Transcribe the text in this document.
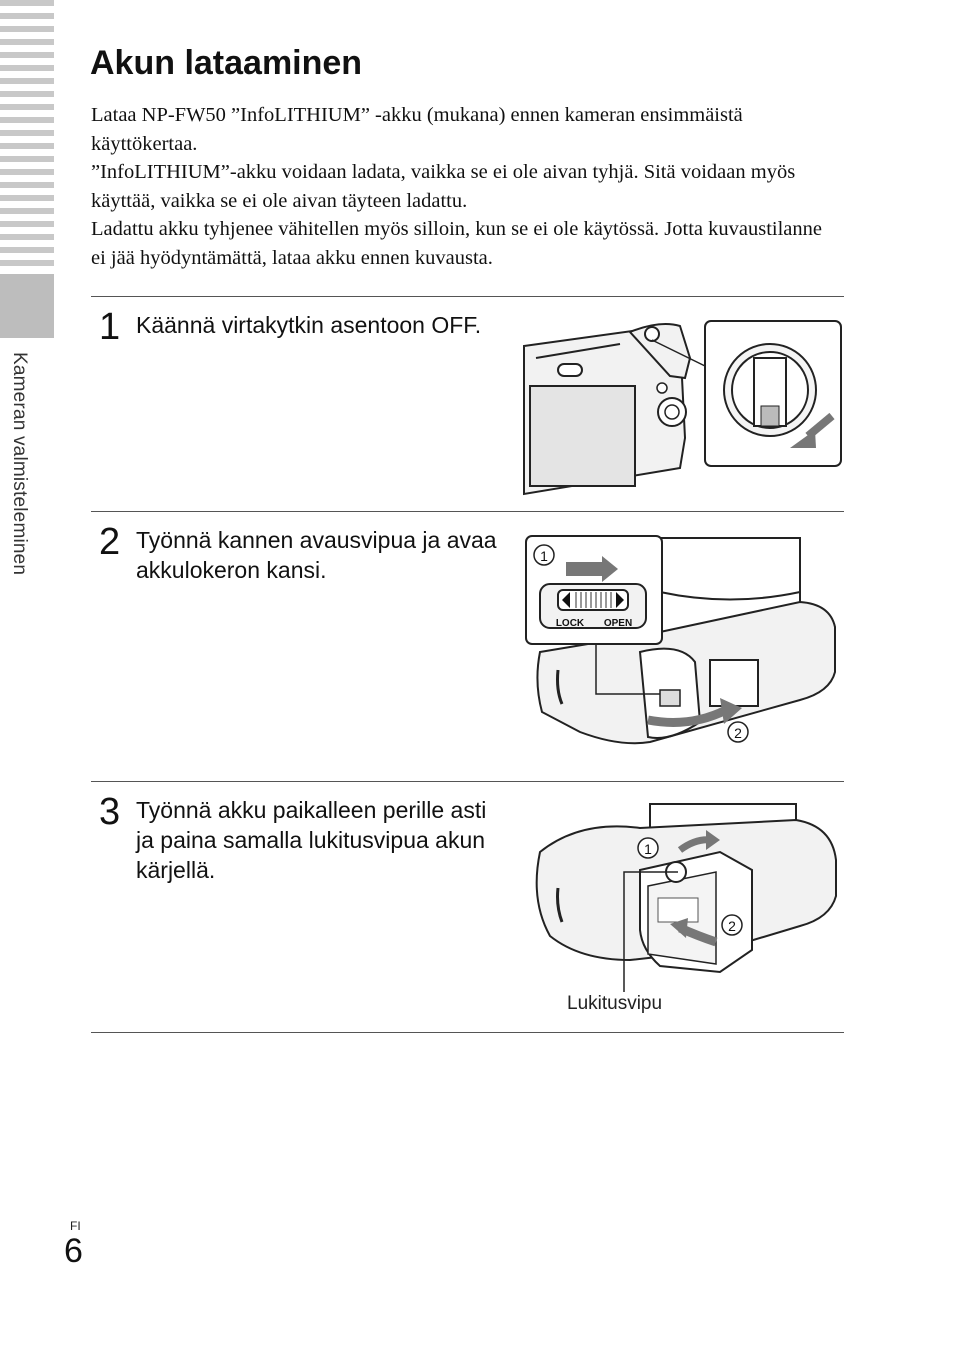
Kameran valmisteleminen
Akun lataaminen

Lataa NP-FW50 ”InfoLITHIUM” -akku (mukana) ennen kameran ensimmäistä käyttökertaa.

”InfoLITHIUM”-akku voidaan ladata, vaikka se ei ole aivan tyhjä. Sitä voidaan myös käyttää, vaikka se ei ole aivan täyteen ladattu.

Ladattu akku tyhjenee vähitellen myös silloin, kun se ei ole käytössä. Jotta kuvaustilanne ei jää hyödyntämättä, lataa akku ennen kuvausta.

1 Käännä virtakytkin asentoon OFF.
2 Työnnä kannen avausvipua ja avaa akkulokeron kansi.
2
1
LOCK OPEN
3 Työnnä akku paikalleen perille asti ja paina samalla lukitusvipua akun kärjellä.
1
2
Lukitusvipu
FI
6
